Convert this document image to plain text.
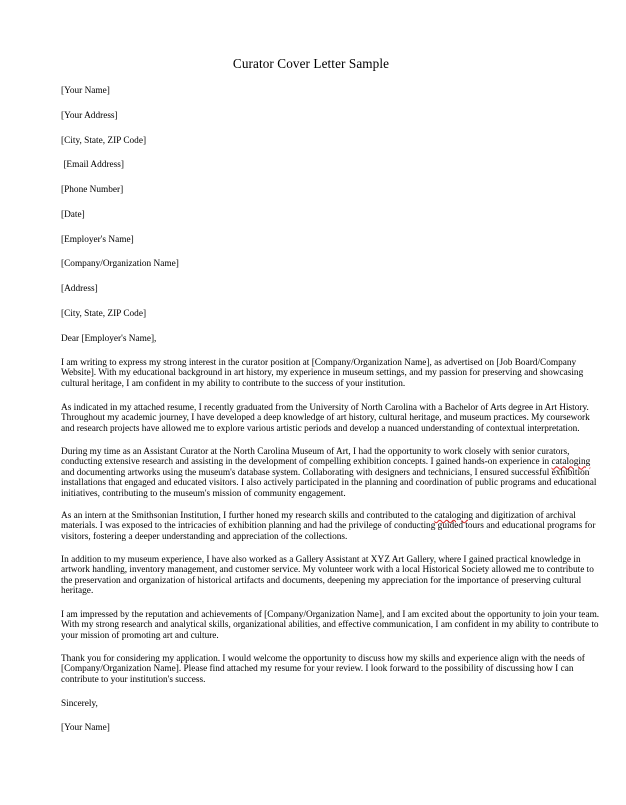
Curator Cover Letter Sample
[Your Name]
[Your Address]
[City, State, ZIP Code]
[Email Address]
[Phone Number]
[Date]
[Employer's Name]
[Company/Organization Name]
[Address]
[City, State, ZIP Code]
Dear [Employer's Name],
I am writing to express my strong interest in the curator position at [Company/Organization Name], as advertised on [Job Board/Company
Website]. With my educational background in art history, my experience in museum settings, and my passion for preserving and showcasing
cultural heritage, I am confident in my ability to contribute to the success of your institution.
As indicated in my attached resume, I recently graduated from the University of North Carolina with a Bachelor of Arts degree in Art History.
Throughout my academic journey, I have developed a deep knowledge of art history, cultural heritage, and museum practices. My coursework
and research projects have allowed me to explore various artistic periods and develop a nuanced understanding of contextual interpretation.
During my time as an Assistant Curator at the North Carolina Museum of Art, I had the opportunity to work closely with senior curators,
conducting extensive research and assisting in the development of compelling exhibition concepts. I gained hands-on experience in cataloging
and documenting artworks using the museum's database system. Collaborating with designers and technicians, I ensured successful exhibition
installations that engaged and educated visitors. I also actively participated in the planning and coordination of public programs and educational
initiatives, contributing to the museum's mission of community engagement.
As an intern at the Smithsonian Institution, I further honed my research skills and contributed to the cataloging and digitization of archival
materials. I was exposed to the intricacies of exhibition planning and had the privilege of conducting guided tours and educational programs for
visitors, fostering a deeper understanding and appreciation of the collections.
In addition to my museum experience, I have also worked as a Gallery Assistant at XYZ Art Gallery, where I gained practical knowledge in
artwork handling, inventory management, and customer service. My volunteer work with a local Historical Society allowed me to contribute to
the preservation and organization of historical artifacts and documents, deepening my appreciation for the importance of preserving cultural
heritage.
I am impressed by the reputation and achievements of [Company/Organization Name], and I am excited about the opportunity to join your team.
With my strong research and analytical skills, organizational abilities, and effective communication, I am confident in my ability to contribute to
your mission of promoting art and culture.
Thank you for considering my application. I would welcome the opportunity to discuss how my skills and experience align with the needs of
[Company/Organization Name]. Please find attached my resume for your review. I look forward to the possibility of discussing how I can
contribute to your institution's success.
Sincerely,
[Your Name]
